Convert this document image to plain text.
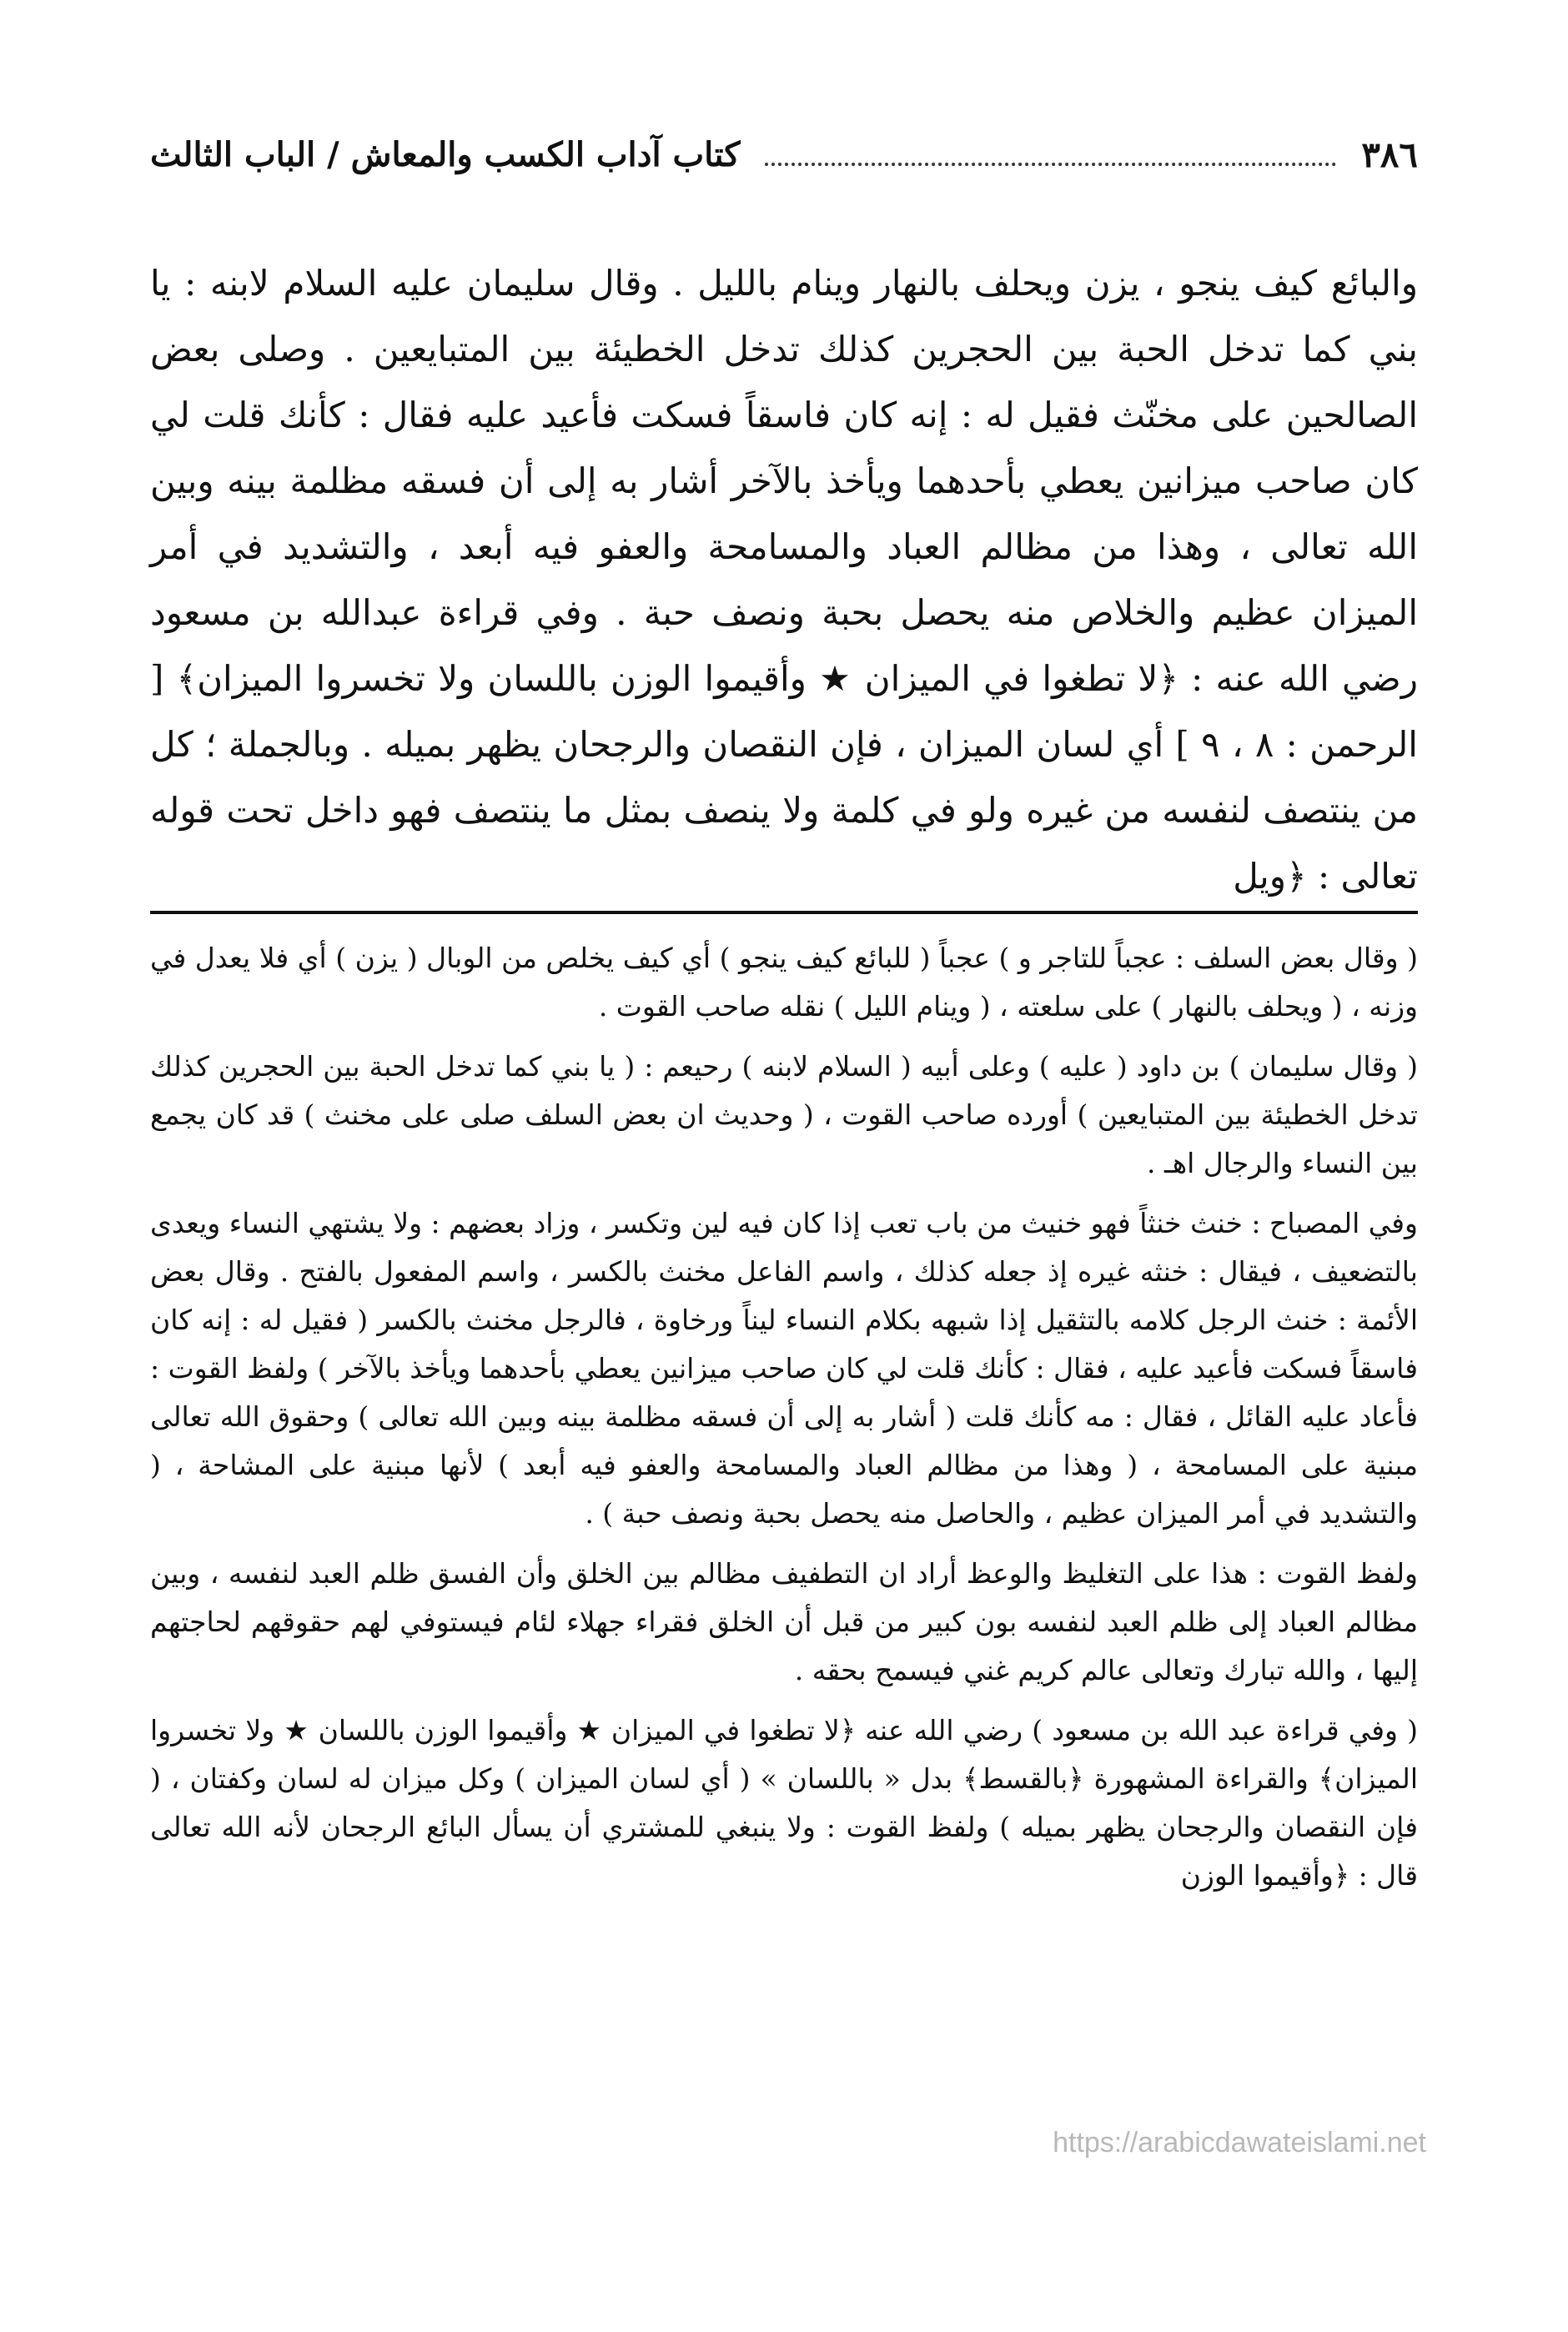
٣٨٦
كتاب آداب الكسب والمعاش / الباب الثالث

والبائع كيف ينجو ، يزن ويحلف بالنهار وينام بالليل . وقال سليمان عليه السلام لابنه : يا بني كما تدخل الحبة بين الحجرين كذلك تدخل الخطيئة بين المتبايعين . وصلى بعض الصالحين على مخنّث فقيل له : إنه كان فاسقاً فسكت فأعيد عليه فقال : كأنك قلت لي كان صاحب ميزانين يعطي بأحدهما ويأخذ بالآخر أشار به إلى أن فسقه مظلمة بينه وبين الله تعالى ، وهذا من مظالم العباد والمسامحة والعفو فيه أبعد ، والتشديد في أمر الميزان عظيم والخلاص منه يحصل بحبة ونصف حبة . وفي قراءة عبدالله بن مسعود رضي الله عنه : ﴿لا تطغوا في الميزان ★ وأقيموا الوزن باللسان ولا تخسروا الميزان﴾ [ الرحمن : ٨ ، ٩ ] أي لسان الميزان ، فإن النقصان والرجحان يظهر بميله . وبالجملة ؛ كل من ينتصف لنفسه من غيره ولو في كلمة ولا ينصف بمثل ما ينتصف فهو داخل تحت قوله تعالى : ﴿ويل

( وقال بعض السلف : عجباً للتاجر و ) عجباً ( للبائع كيف ينجو ) أي كيف يخلص من الوبال ( يزن ) أي فلا يعدل في وزنه ، ( ويحلف بالنهار ) على سلعته ، ( وينام الليل ) نقله صاحب القوت .

( وقال سليمان ) بن داود ( عليه ) وعلى أبيه ( السلام لابنه ) رحيعم : ( يا بني كما تدخل الحبة بين الحجرين كذلك تدخل الخطيئة بين المتبايعين ) أورده صاحب القوت ، ( وحديث ان بعض السلف صلى على مخنث ) قد كان يجمع بين النساء والرجال اهـ .

وفي المصباح : خنث خنثاً فهو خنيث من باب تعب إذا كان فيه لين وتكسر ، وزاد بعضهم : ولا يشتهي النساء ويعدى بالتضعيف ، فيقال : خنثه غيره إذ جعله كذلك ، واسم الفاعل مخنث بالكسر ، واسم المفعول بالفتح . وقال بعض الأئمة : خنث الرجل كلامه بالتثقيل إذا شبهه بكلام النساء ليناً ورخاوة ، فالرجل مخنث بالكسر ( فقيل له : إنه كان فاسقاً فسكت فأعيد عليه ، فقال : كأنك قلت لي كان صاحب ميزانين يعطي بأحدهما ويأخذ بالآخر ) ولفظ القوت : فأعاد عليه القائل ، فقال : مه كأنك قلت ( أشار به إلى أن فسقه مظلمة بينه وبين الله تعالى ) وحقوق الله تعالى مبنية على المسامحة ، ( وهذا من مظالم العباد والمسامحة والعفو فيه أبعد ) لأنها مبنية على المشاحة ، ( والتشديد في أمر الميزان عظيم ، والحاصل منه يحصل بحبة ونصف حبة ) .

ولفظ القوت : هذا على التغليظ والوعظ أراد ان التطفيف مظالم بين الخلق وأن الفسق ظلم العبد لنفسه ، وبين مظالم العباد إلى ظلم العبد لنفسه بون كبير من قبل أن الخلق فقراء جهلاء لئام فيستوفي لهم حقوقهم لحاجتهم إليها ، والله تبارك وتعالى عالم كريم غني فيسمح بحقه .

( وفي قراءة عبد الله بن مسعود ) رضي الله عنه ﴿لا تطغوا في الميزان ★ وأقيموا الوزن باللسان ★ ولا تخسروا الميزان﴾ والقراءة المشهورة ﴿بالقسط﴾ بدل « باللسان » ( أي لسان الميزان ) وكل ميزان له لسان وكفتان ، ( فإن النقصان والرجحان يظهر بميله ) ولفظ القوت : ولا ينبغي للمشتري أن يسأل البائع الرجحان لأنه الله تعالى قال : ﴿وأقيموا الوزن

https://arabicdawateislami.net
